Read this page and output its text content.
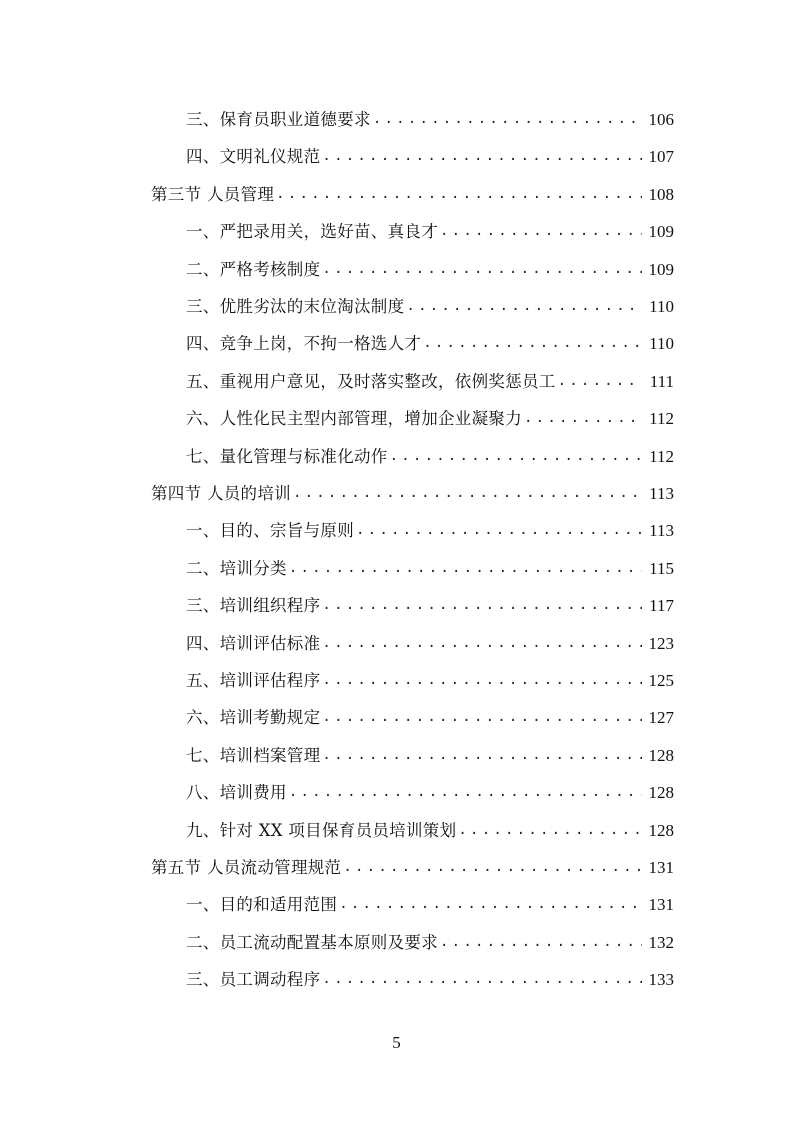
三、保育员职业道德要求 . . .	106
四、文明礼仪规范 . . .	107
第三节 人员管理 . . .	108
一、严把录用关，选好苗、真良才 . . .	109
二、严格考核制度 . . .	109
三、优胜劣汰的末位淘汰制度 . . .	110
四、竞争上岗，不拘一格选人才 . . .	110
五、重视用户意见，及时落实整改，依例奖惩员工 . . .	111
六、人性化民主型内部管理，增加企业凝聚力 . . .	112
七、量化管理与标准化动作 . . .	112
第四节 人员的培训 . . .	113
一、目的、宗旨与原则 . . .	113
二、培训分类 . . .	115
三、培训组织程序 . . .	117
四、培训评估标准 . . .	123
五、培训评估程序 . . .	125
六、培训考勤规定 . . .	127
七、培训档案管理 . . .	128
八、培训费用 . . .	128
九、针对 XX 项目保育员员培训策划 . . .	128
第五节 人员流动管理规范 . . .	131
一、目的和适用范围 . . .	131
二、员工流动配置基本原则及要求 . . .	132
三、员工调动程序 . . .	133
5
